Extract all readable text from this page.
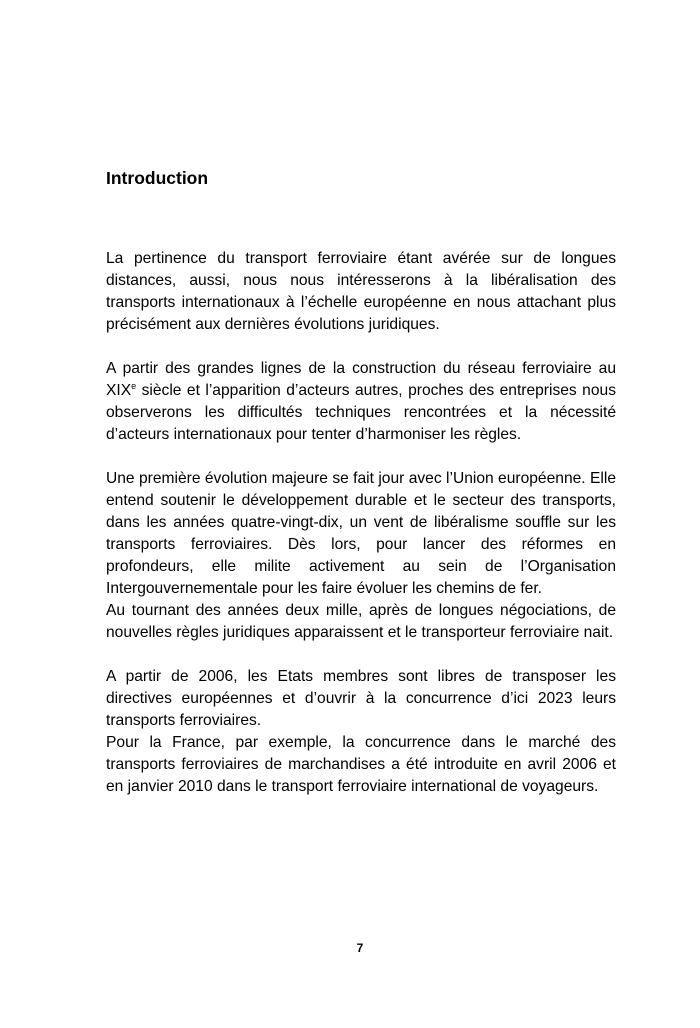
Introduction

La pertinence du transport ferroviaire étant avérée sur de longues distances, aussi, nous nous intéresserons à la libéralisation des transports internationaux à l’échelle européenne en nous attachant plus précisément aux dernières évolutions juridiques.

A partir des grandes lignes de la construction du réseau ferroviaire au XIXe siècle et l’apparition d’acteurs autres, proches des entreprises nous observerons les difficultés techniques rencontrées et la nécessité d’acteurs internationaux pour tenter d’harmoniser les règles.

Une première évolution majeure se fait jour avec l’Union européenne. Elle entend soutenir le développement durable et le secteur des transports, dans les années quatre-vingt-dix, un vent de libéralisme souffle sur les transports ferroviaires. Dès lors, pour lancer des réformes en profondeurs, elle milite activement au sein de l’Organisation Intergouvernementale pour les faire évoluer les chemins de fer.

Au tournant des années deux mille, après de longues négociations, de nouvelles règles juridiques apparaissent et le transporteur ferroviaire nait.

A partir de 2006, les Etats membres sont libres de transposer les directives européennes et d’ouvrir à la concurrence d’ici 2023 leurs transports ferroviaires.

Pour la France, par exemple, la concurrence dans le marché des transports ferroviaires de marchandises a été introduite en avril 2006 et en janvier 2010 dans le transport ferroviaire international de voyageurs.

7
